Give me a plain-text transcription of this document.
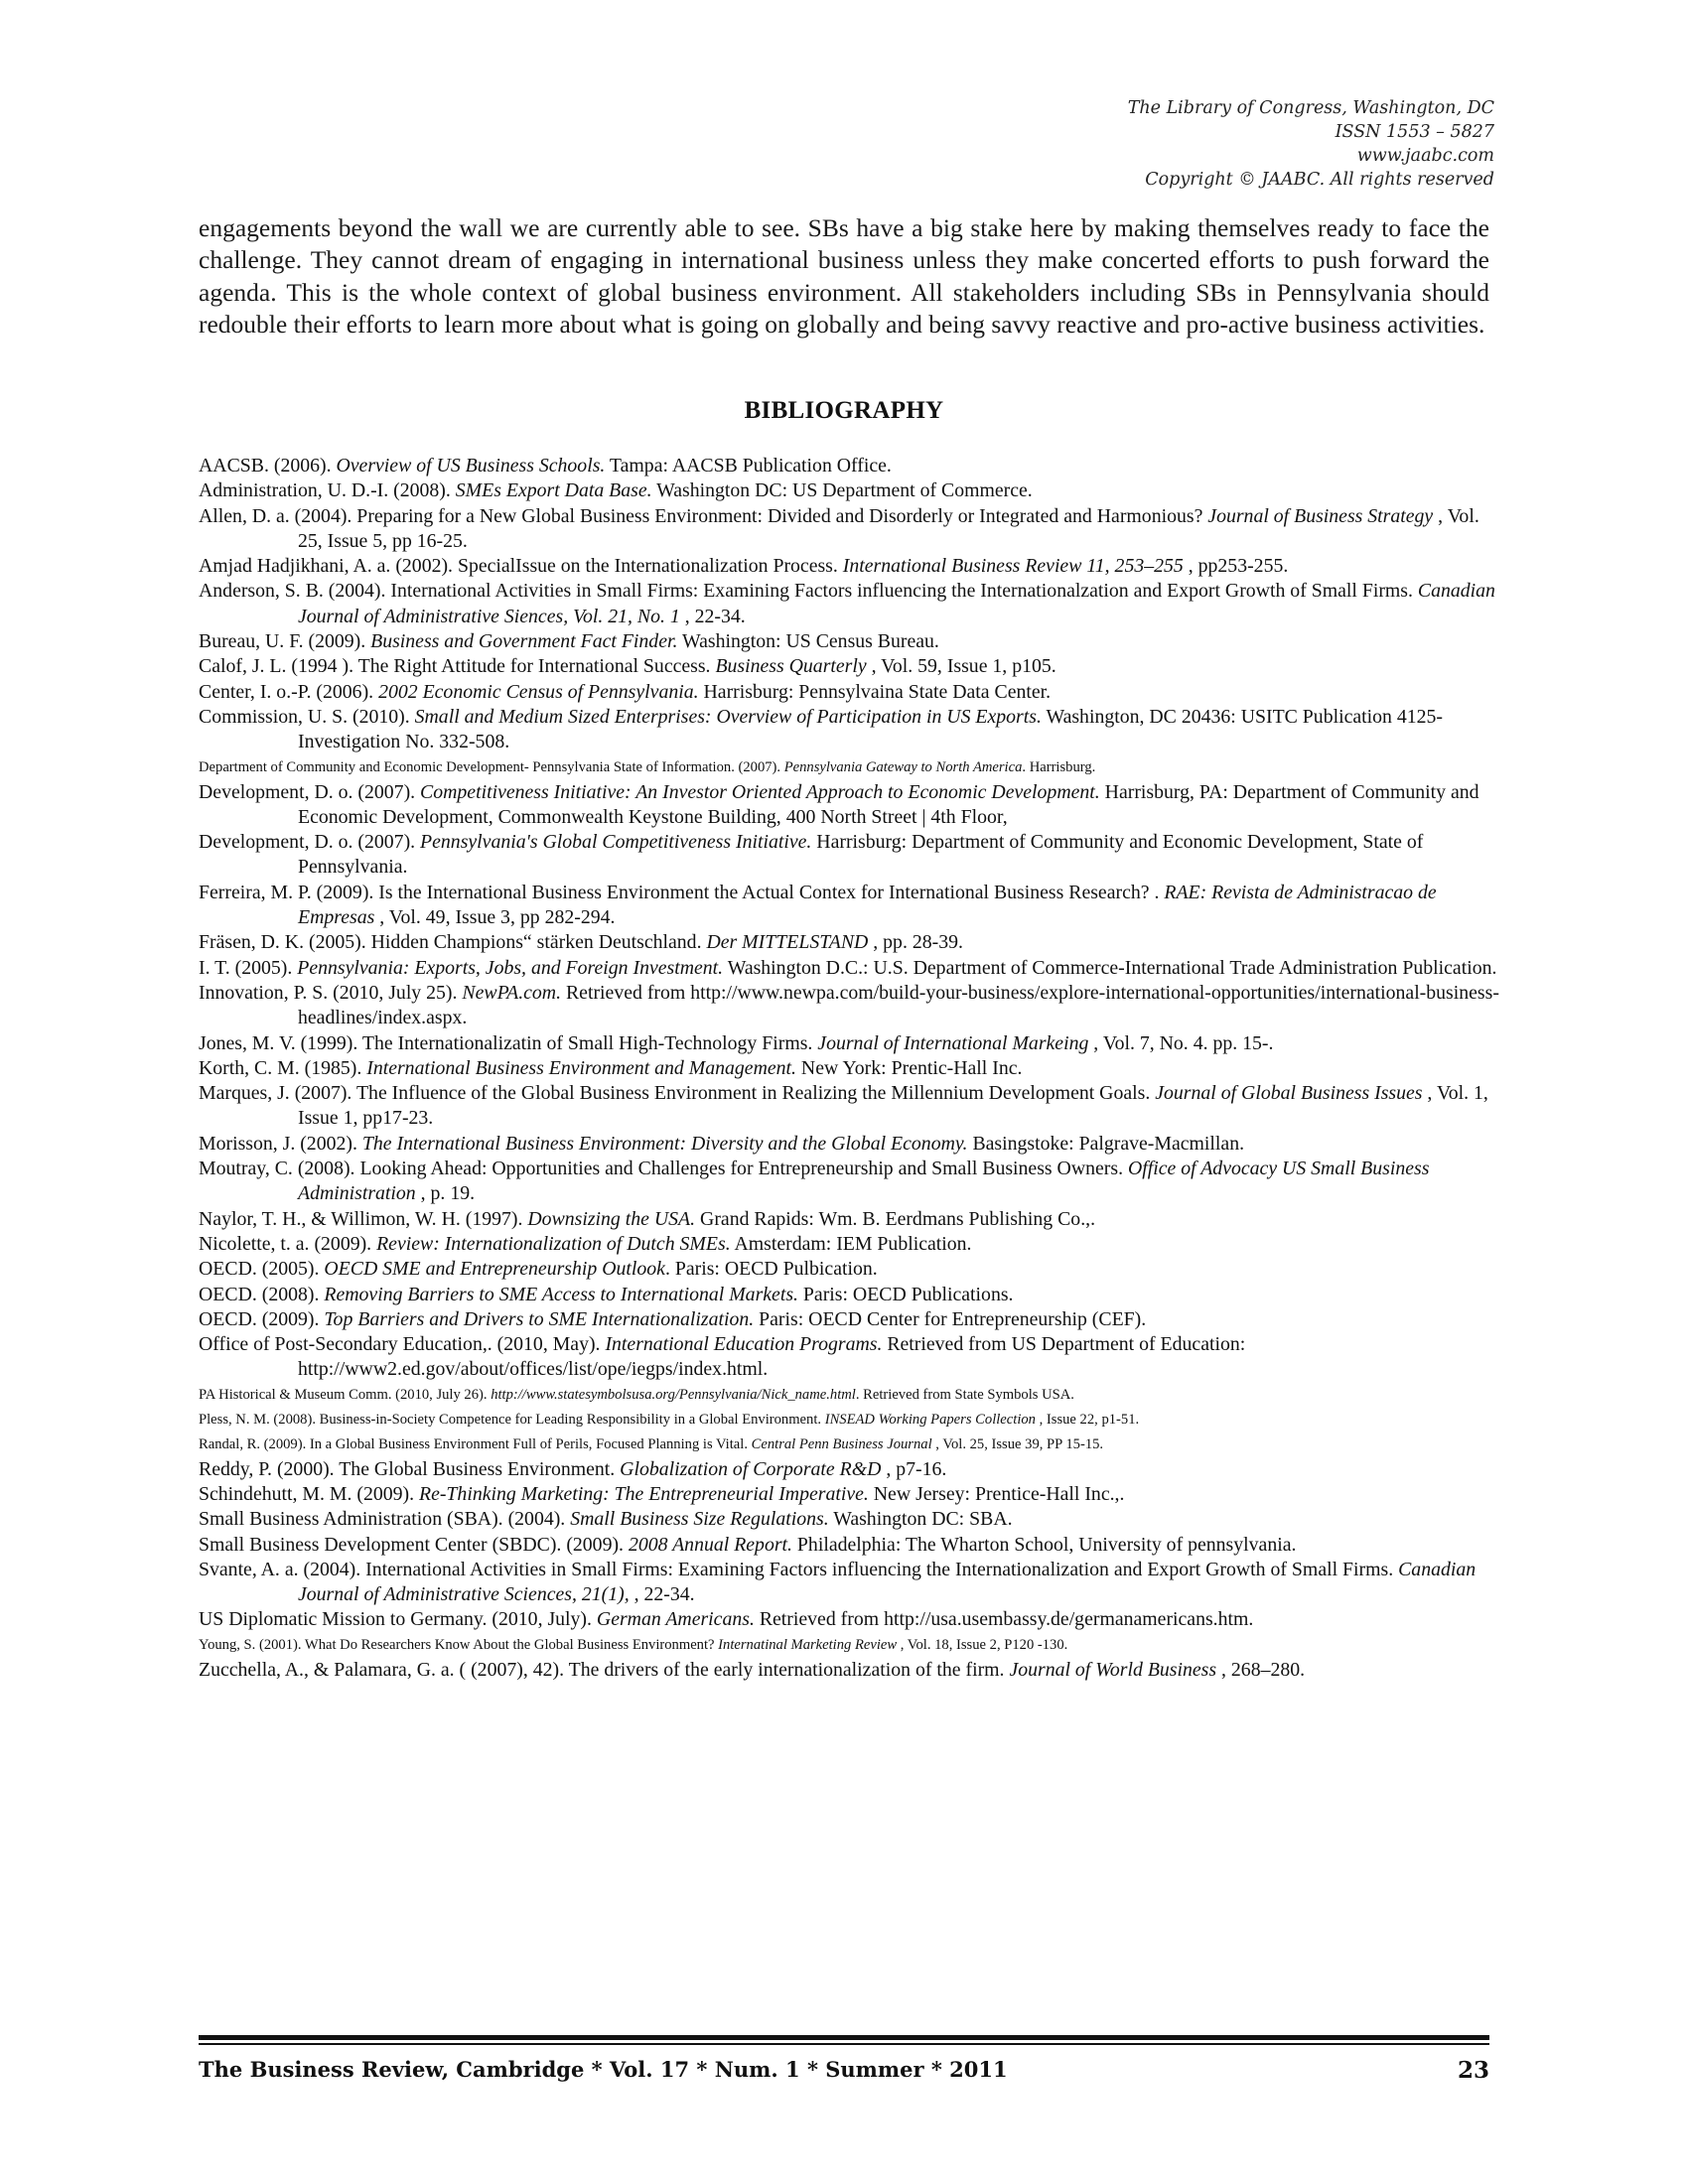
The Library of Congress, Washington, DC
ISSN 1553 – 5827
www.jaabc.com
Copyright © JAABC. All rights reserved

engagements beyond the wall we are currently able to see. SBs have a big stake here by making themselves ready to face the challenge. They cannot dream of engaging in international business unless they make concerted efforts to push forward the agenda. This is the whole context of global business environment. All stakeholders including SBs in Pennsylvania should redouble their efforts to learn more about what is going on globally and being savvy reactive and pro-active business activities.

BIBLIOGRAPHY

AACSB. (2006). Overview of US Business Schools. Tampa: AACSB Publication Office.

Administration, U. D.-I. (2008). SMEs Export Data Base. Washington DC: US Department of Commerce.

Allen, D. a. (2004). Preparing for a New Global Business Environment: Divided and Disorderly or Integrated and Harmonious? Journal of Business Strategy , Vol. 25, Issue 5, pp 16-25.

Amjad Hadjikhani, A. a. (2002). SpecialIssue on the Internationalization Process. International Business Review 11, 253–255 , pp253-255.

Anderson, S. B. (2004). International Activities in Small Firms: Examining Factors influencing the Internationalzation and Export Growth of Small Firms. Canadian Journal of Administrative Siences, Vol. 21, No. 1 , 22-34.

Bureau, U. F. (2009). Business and Government Fact Finder. Washington: US Census Bureau.

Calof, J. L. (1994 ). The Right Attitude for International Success. Business Quarterly , Vol. 59, Issue 1, p105.

Center, I. o.-P. (2006). 2002 Economic Census of Pennsylvania. Harrisburg: Pennsylvaina State Data Center.

Commission, U. S. (2010). Small and Medium Sized Enterprises: Overview of Participation in US Exports. Washington, DC 20436: USITC Publication 4125- Investigation No. 332-508.

Department of Community and Economic Development- Pennsylvania State of Information. (2007). Pennsylvania Gateway to North America. Harrisburg.

Development, D. o. (2007). Competitiveness Initiative: An Investor Oriented Approach to Economic Development. Harrisburg, PA: Department of Community and Economic Development, Commonwealth Keystone Building, 400 North Street | 4th Floor,

Development, D. o. (2007). Pennsylvania's Global Competitiveness Initiative. Harrisburg: Department of Community and Economic Development, State of Pennsylvania.

Ferreira, M. P. (2009). Is the International Business Environment the Actual Contex for International Business Research? . RAE: Revista de Administracao de Empresas , Vol. 49, Issue 3, pp 282-294.

Fräsen, D. K. (2005). Hidden Champions“ stärken Deutschland. Der MITTELSTAND , pp. 28-39.

I. T. (2005). Pennsylvania: Exports, Jobs, and Foreign Investment. Washington D.C.: U.S. Department of Commerce-International Trade Administration Publication.

Innovation, P. S. (2010, July 25). NewPA.com. Retrieved from http://www.newpa.com/build-your-business/explore-international-opportunities/international-business-headlines/index.aspx.

Jones, M. V. (1999). The Internationalizatin of Small High-Technology Firms. Journal of International Markeing , Vol. 7, No. 4. pp. 15-.

Korth, C. M. (1985). International Business Environment and Management. New York: Prentic-Hall Inc.

Marques, J. (2007). The Influence of the Global Business Environment in Realizing the Millennium Development Goals. Journal of Global Business Issues , Vol. 1, Issue 1, pp17-23.

Morisson, J. (2002). The International Business Environment: Diversity and the Global Economy. Basingstoke: Palgrave-Macmillan.

Moutray, C. (2008). Looking Ahead: Opportunities and Challenges for Entrepreneurship and Small Business Owners. Office of Advocacy US Small Business Administration , p. 19.

Naylor, T. H., & Willimon, W. H. (1997). Downsizing the USA. Grand Rapids: Wm. B. Eerdmans Publishing Co.,.

Nicolette, t. a. (2009). Review: Internationalization of Dutch SMEs. Amsterdam: IEM Publication.

OECD. (2005). OECD SME and Entrepreneurship Outlook. Paris: OECD Pulbication.

OECD. (2008). Removing Barriers to SME Access to International Markets. Paris: OECD Publications.

OECD. (2009). Top Barriers and Drivers to SME Internationalization. Paris: OECD Center for Entrepreneurship (CEF).

Office of Post-Secondary Education,. (2010, May). International Education Programs. Retrieved from US Department of Education: http://www2.ed.gov/about/offices/list/ope/iegps/index.html.

PA Historical & Museum Comm. (2010, July 26). http://www.statesymbolsusa.org/Pennsylvania/Nick_name.html. Retrieved from State Symbols USA.

Pless, N. M. (2008). Business-in-Society Competence for Leading Responsibility in a Global Environment. INSEAD Working Papers Collection , Issue 22, p1-51.

Randal, R. (2009). In a Global Business Environment Full of Perils, Focused Planning is Vital. Central Penn Business Journal , Vol. 25, Issue 39, PP 15-15.

Reddy, P. (2000). The Global Business Environment. Globalization of Corporate R&D , p7-16.

Schindehutt, M. M. (2009). Re-Thinking Marketing: The Entrepreneurial Imperative. New Jersey: Prentice-Hall Inc.,.

Small Business Administration (SBA). (2004). Small Business Size Regulations. Washington DC: SBA.

Small Business Development Center (SBDC). (2009). 2008 Annual Report. Philadelphia: The Wharton School, University of pennsylvania.

Svante, A. a. (2004). International Activities in Small Firms: Examining Factors influencing the Internationalization and Export Growth of Small Firms. Canadian Journal of Administrative Sciences, 21(1), , 22-34.

US Diplomatic Mission to Germany. (2010, July). German Americans. Retrieved from http://usa.usembassy.de/germanamericans.htm.

Young, S. (2001). What Do Researchers Know About the Global Business Environment? Internatinal Marketing Review , Vol. 18, Issue 2, P120 -130.

Zucchella, A., & Palamara, G. a. ( (2007), 42). The drivers of the early internationalization of the firm. Journal of World Business , 268–280.

The Business Review, Cambridge * Vol. 17 * Num. 1 * Summer * 2011	23
